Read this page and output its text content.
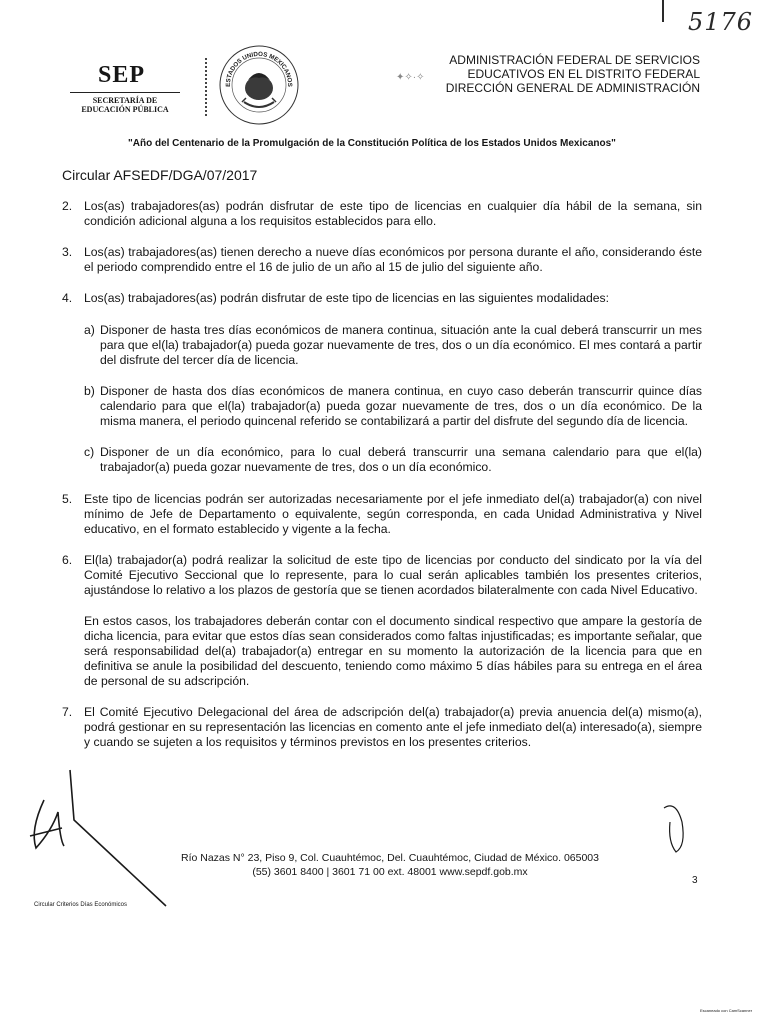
5176
SEP
SECRETARÍA DE
EDUCACIÓN PÚBLICA
ESTADOS UNIDOS MEXICANOS
✦✧·✧
ADMINISTRACIÓN FEDERAL DE SERVICIOS
EDUCATIVOS EN EL DISTRITO FEDERAL
DIRECCIÓN GENERAL DE ADMINISTRACIÓN
"Año del Centenario de la Promulgación de la Constitución Política de los Estados Unidos Mexicanos"
Circular AFSEDF/DGA/07/2017
2. Los(as) trabajadores(as) podrán disfrutar de este tipo de licencias en cualquier día hábil de la semana, sin condición adicional alguna a los requisitos establecidos para ello.
3. Los(as) trabajadores(as) tienen derecho a nueve días económicos por persona durante el año, considerando éste el periodo comprendido entre el 16 de julio de un año al 15 de julio del siguiente año.
4. Los(as) trabajadores(as) podrán disfrutar de este tipo de licencias en las siguientes modalidades:
a) Disponer de hasta tres días económicos de manera continua, situación ante la cual deberá transcurrir un mes para que el(la) trabajador(a) pueda gozar nuevamente de tres, dos o un día económico. El mes contará a partir del disfrute del tercer día de licencia.
b) Disponer de hasta dos días económicos de manera continua, en cuyo caso deberán transcurrir quince días calendario para que el(la) trabajador(a) pueda gozar nuevamente de tres, dos o un día económico. De la misma manera, el periodo quincenal referido se contabilizará a partir del disfrute del segundo día de licencia.
c) Disponer de un día económico, para lo cual deberá transcurrir una semana calendario para que el(la) trabajador(a) pueda gozar nuevamente de tres, dos o un día económico.
5. Este tipo de licencias podrán ser autorizadas necesariamente por el jefe inmediato del(a) trabajador(a) con nivel mínimo de Jefe de Departamento o equivalente, según corresponda, en cada Unidad Administrativa y Nivel educativo, en el formato establecido y vigente a la fecha.
6. El(la) trabajador(a) podrá realizar la solicitud de este tipo de licencias por conducto del sindicato por la vía del Comité Ejecutivo Seccional que lo represente, para lo cual serán aplicables también los presentes criterios, ajustándose lo relativo a los plazos de gestoría que se tienen acordados bilateralmente con cada Nivel Educativo.
En estos casos, los trabajadores deberán contar con el documento sindical respectivo que ampare la gestoría de dicha licencia, para evitar que estos días sean considerados como faltas injustificadas; es importante señalar, que será responsabilidad del(a) trabajador(a) entregar en su momento la autorización de la licencia para que en definitiva se anule la posibilidad del descuento, teniendo como máximo 5 días hábiles para su entrega en el área de personal de su adscripción.
7. El Comité Ejecutivo Delegacional del área de adscripción del(a) trabajador(a) previa anuencia del(a) mismo(a), podrá gestionar en su representación las licencias en comento ante el jefe inmediato del(a) interesado(a), siempre y cuando se sujeten a los requisitos y términos previstos en los presentes criterios.
Río Nazas N° 23, Piso 9, Col. Cuauhtémoc, Del. Cuauhtémoc, Ciudad de México. 065003
(55) 3601 8400 | 3601 71 00 ext. 48001 www.sepdf.gob.mx
3
Circular Criterios Días Económicos
Escaneado con CamScanner
